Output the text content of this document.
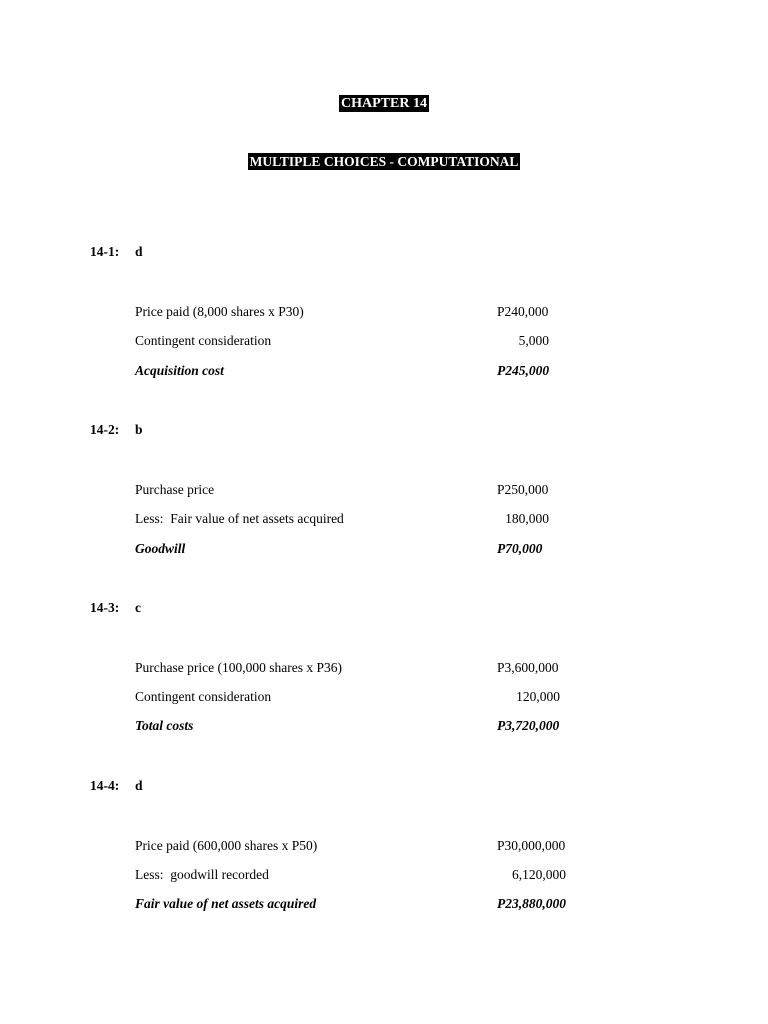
CHAPTER 14
MULTIPLE CHOICES - COMPUTATIONAL
14-1: d
Price paid (8,000 shares x P30)	P240,000
Contingent consideration	5,000
Acquisition cost	P245,000
14-2: b
Purchase price	P250,000
Less:  Fair value of net assets acquired	180,000
Goodwill	P70,000
14-3: c
Purchase price (100,000 shares x P36)	P3,600,000
Contingent consideration	120,000
Total costs	P3,720,000
14-4: d
Price paid (600,000 shares x P50)	P30,000,000
Less:  goodwill recorded	6,120,000
Fair value of net assets acquired	P23,880,000
